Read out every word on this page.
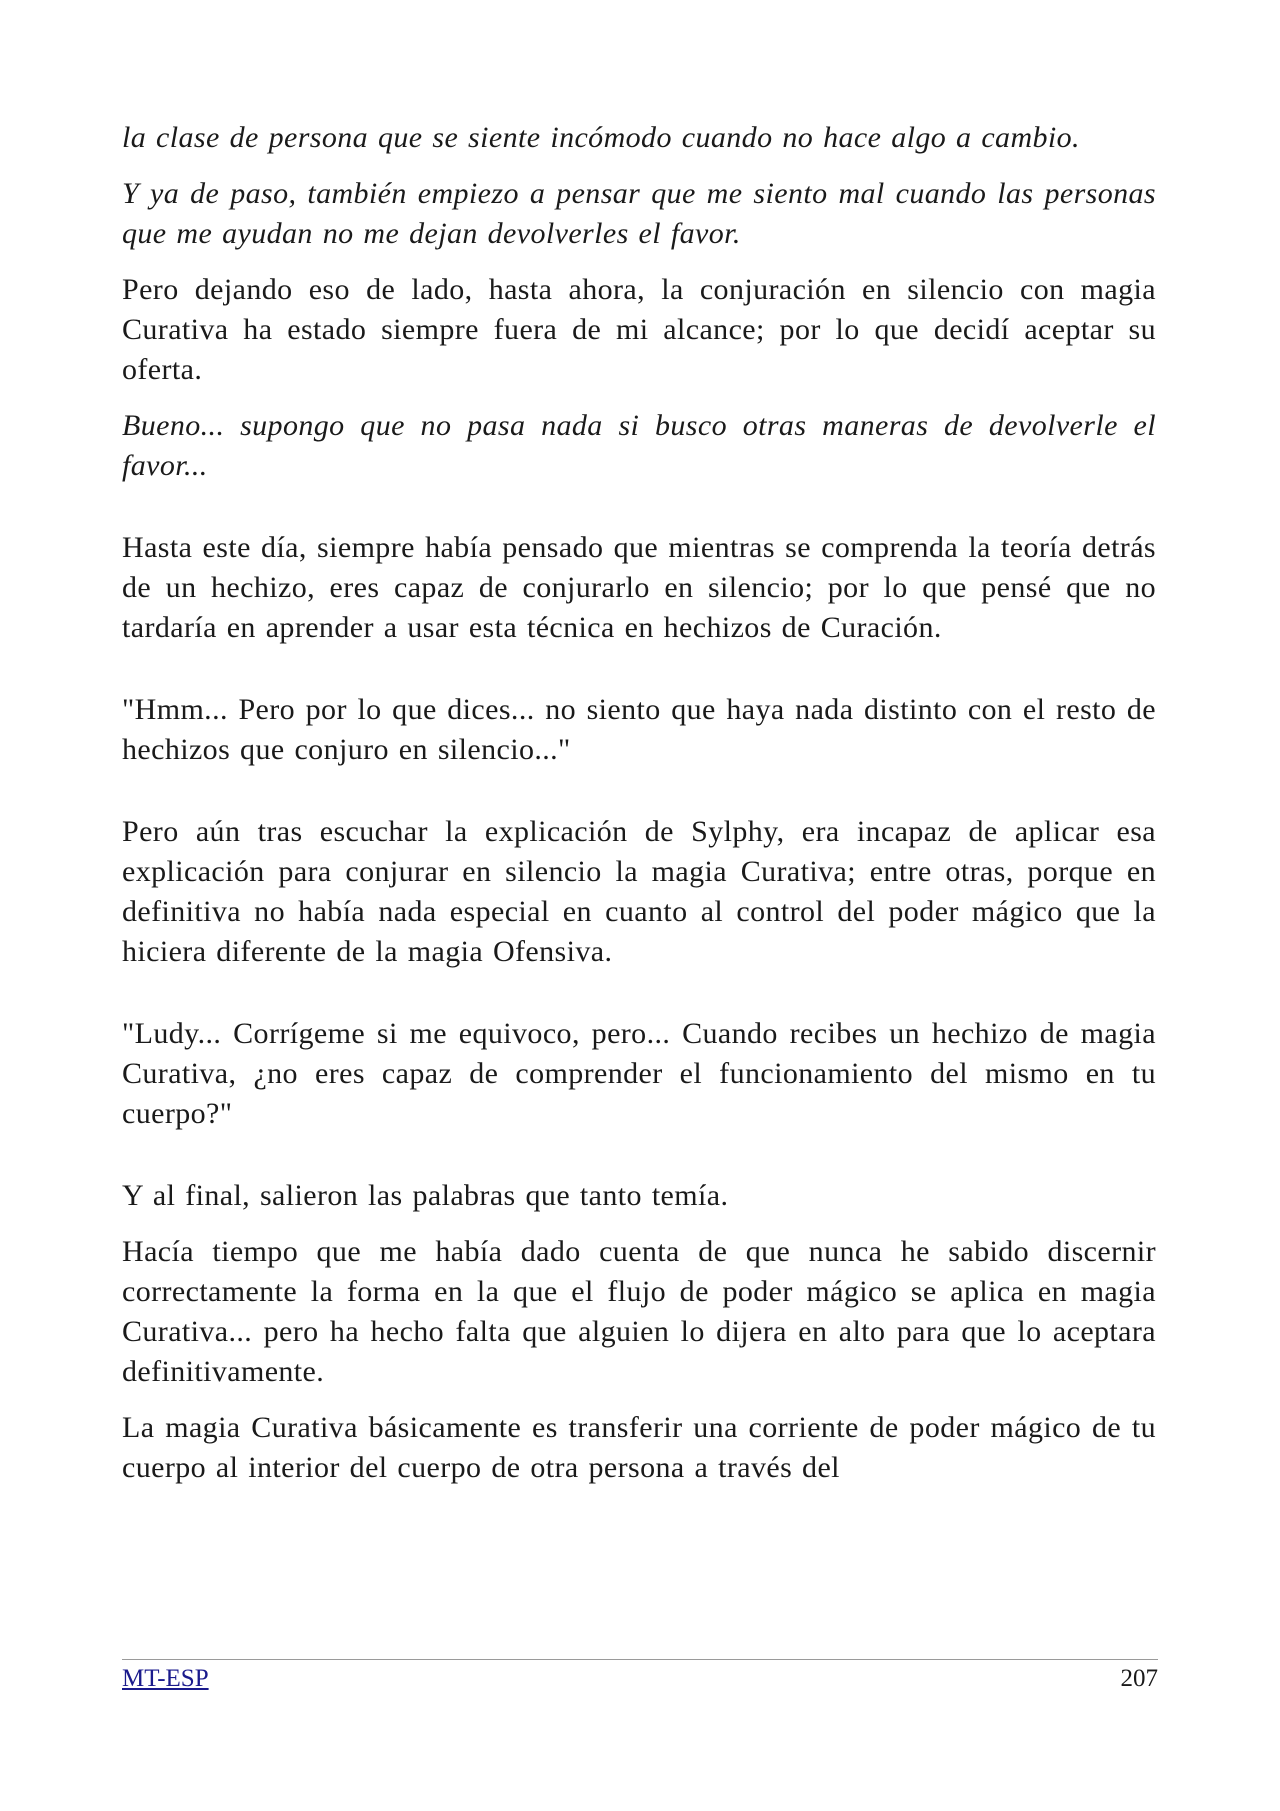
la clase de persona que se siente incómodo cuando no hace algo a cambio.

Y ya de paso, también empiezo a pensar que me siento mal cuando las personas que me ayudan no me dejan devolverles el favor.

Pero dejando eso de lado, hasta ahora, la conjuración en silencio con magia Curativa ha estado siempre fuera de mi alcance; por lo que decidí aceptar su oferta.

Bueno... supongo que no pasa nada si busco otras maneras de devolverle el favor...

Hasta este día, siempre había pensado que mientras se comprenda la teoría detrás de un hechizo, eres capaz de conjurarlo en silencio; por lo que pensé que no tardaría en aprender a usar esta técnica en hechizos de Curación.

"Hmm... Pero por lo que dices... no siento que haya nada distinto con el resto de hechizos que conjuro en silencio..."

Pero aún tras escuchar la explicación de Sylphy, era incapaz de aplicar esa explicación para conjurar en silencio la magia Curativa; entre otras, porque en definitiva no había nada especial en cuanto al control del poder mágico que la hiciera diferente de la magia Ofensiva.

"Ludy... Corrígeme si me equivoco, pero... Cuando recibes un hechizo de magia Curativa, ¿no eres capaz de comprender el funcionamiento del mismo en tu cuerpo?"

Y al final, salieron las palabras que tanto temía.

Hacía tiempo que me había dado cuenta de que nunca he sabido discernir correctamente la forma en la que el flujo de poder mágico se aplica en magia Curativa... pero ha hecho falta que alguien lo dijera en alto para que lo aceptara definitivamente.

La magia Curativa básicamente es transferir una corriente de poder mágico de tu cuerpo al interior del cuerpo de otra persona a través del

MT-ESP	207
